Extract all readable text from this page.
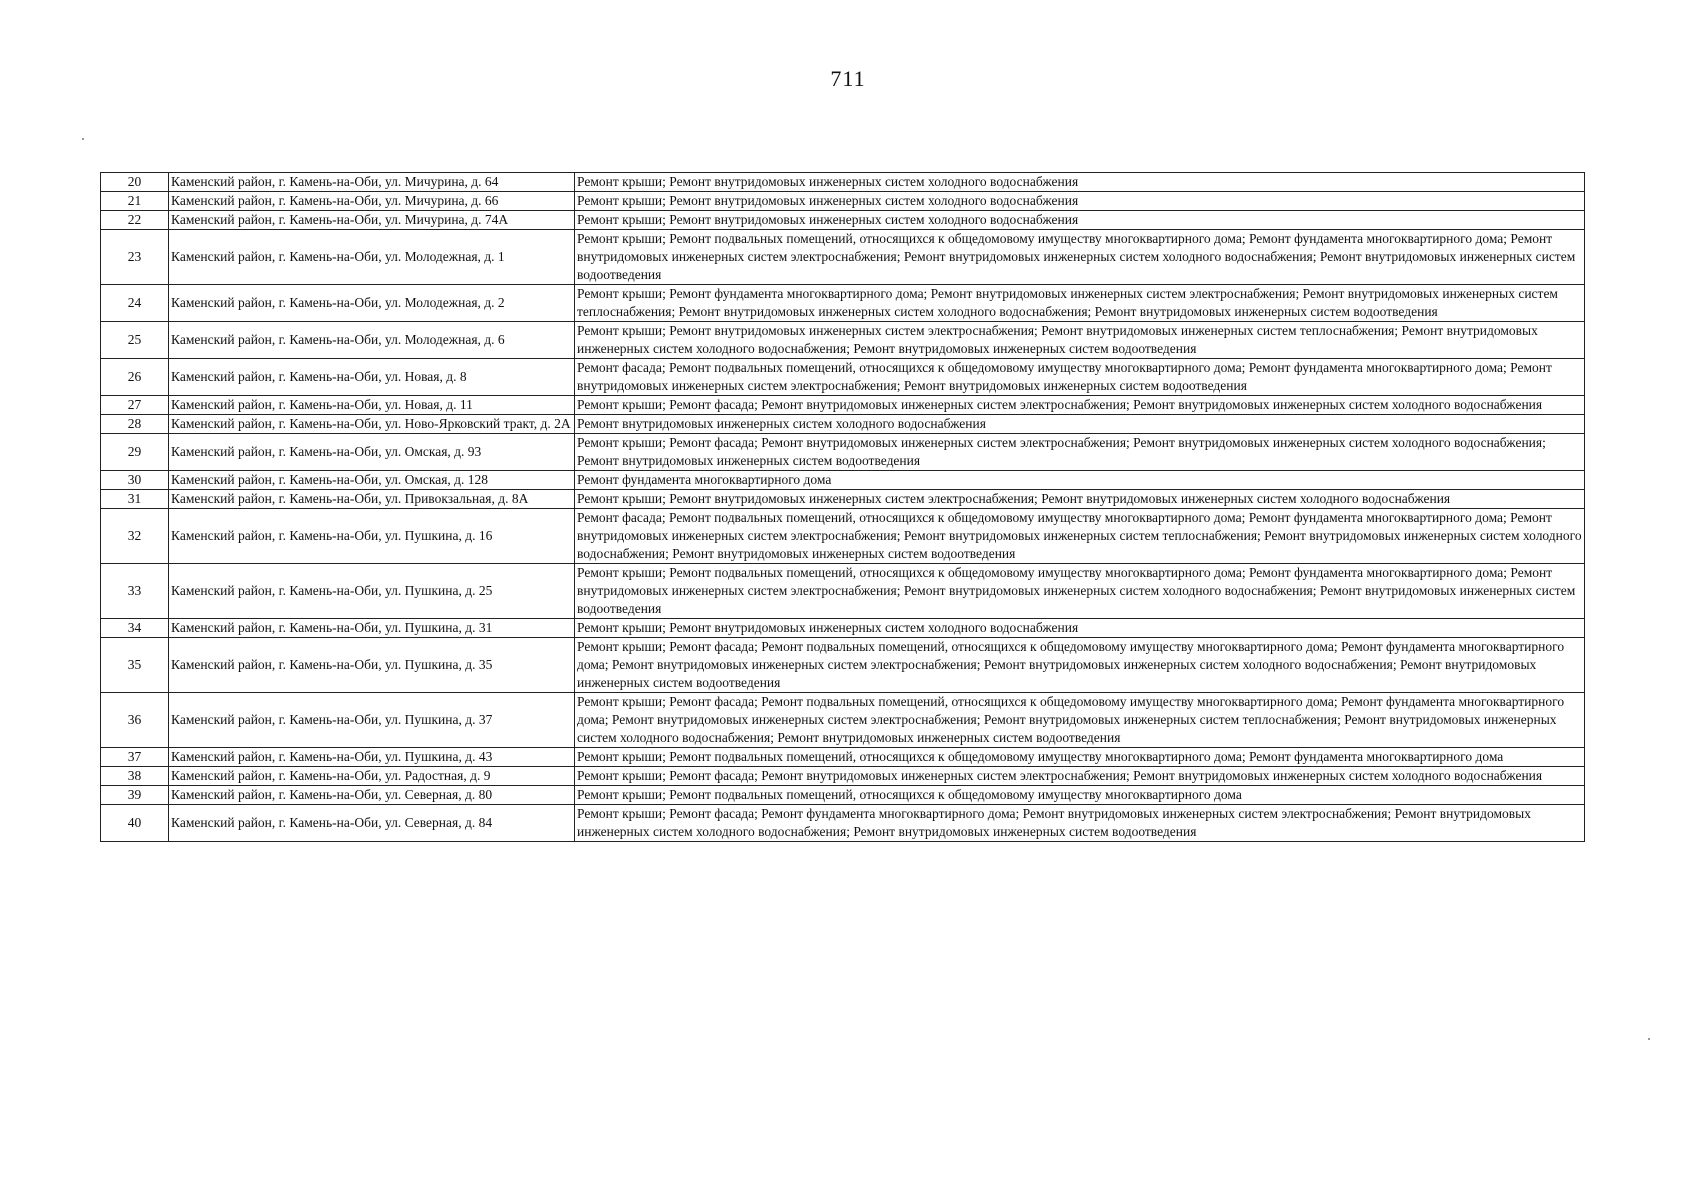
711
20	Каменский район, г. Камень-на-Оби, ул. Мичурина, д. 64	Ремонт крыши; Ремонт внутридомовых инженерных систем холодного водоснабжения
21	Каменский район, г. Камень-на-Оби, ул. Мичурина, д. 66	Ремонт крыши; Ремонт внутридомовых инженерных систем холодного водоснабжения
22	Каменский район, г. Камень-на-Оби, ул. Мичурина, д. 74А	Ремонт крыши; Ремонт внутридомовых инженерных систем холодного водоснабжения
23	Каменский район, г. Камень-на-Оби, ул. Молодежная, д. 1	Ремонт крыши; Ремонт подвальных помещений, относящихся к общедомовому имуществу многоквартирного дома; Ремонт фундамента многоквартирного дома; Ремонт внутридомовых инженерных систем электроснабжения; Ремонт внутридомовых инженерных систем холодного водоснабжения; Ремонт внутридомовых инженерных систем водоотведения
24	Каменский район, г. Камень-на-Оби, ул. Молодежная, д. 2	Ремонт крыши; Ремонт фундамента многоквартирного дома; Ремонт внутридомовых инженерных систем электроснабжения; Ремонт внутридомовых инженерных систем теплоснабжения; Ремонт внутридомовых инженерных систем холодного водоснабжения; Ремонт внутридомовых инженерных систем водоотведения
25	Каменский район, г. Камень-на-Оби, ул. Молодежная, д. 6	Ремонт крыши; Ремонт внутридомовых инженерных систем электроснабжения; Ремонт внутридомовых инженерных систем теплоснабжения; Ремонт внутридомовых инженерных систем холодного водоснабжения; Ремонт внутридомовых инженерных систем водоотведения
26	Каменский район, г. Камень-на-Оби, ул. Новая, д. 8	Ремонт фасада; Ремонт подвальных помещений, относящихся к общедомовому имуществу многоквартирного дома; Ремонт фундамента многоквартирного дома; Ремонт внутридомовых инженерных систем электроснабжения; Ремонт внутридомовых инженерных систем водоотведения
27	Каменский район, г. Камень-на-Оби, ул. Новая, д. 11	Ремонт крыши; Ремонт фасада; Ремонт внутридомовых инженерных систем электроснабжения; Ремонт внутридомовых инженерных систем холодного водоснабжения
28	Каменский район, г. Камень-на-Оби, ул. Ново-Ярковский тракт, д. 2А	Ремонт внутридомовых инженерных систем холодного водоснабжения
29	Каменский район, г. Камень-на-Оби, ул. Омская, д. 93	Ремонт крыши; Ремонт фасада; Ремонт внутридомовых инженерных систем электроснабжения; Ремонт внутридомовых инженерных систем холодного водоснабжения; Ремонт внутридомовых инженерных систем водоотведения
30	Каменский район, г. Камень-на-Оби, ул. Омская, д. 128	Ремонт фундамента многоквартирного дома
31	Каменский район, г. Камень-на-Оби, ул. Привокзальная, д. 8А	Ремонт крыши; Ремонт внутридомовых инженерных систем электроснабжения; Ремонт внутридомовых инженерных систем холодного водоснабжения
32	Каменский район, г. Камень-на-Оби, ул. Пушкина, д. 16	Ремонт фасада; Ремонт подвальных помещений, относящихся к общедомовому имуществу многоквартирного дома; Ремонт фундамента многоквартирного дома; Ремонт внутридомовых инженерных систем электроснабжения; Ремонт внутридомовых инженерных систем теплоснабжения; Ремонт внутридомовых инженерных систем холодного водоснабжения; Ремонт внутридомовых инженерных систем водоотведения
33	Каменский район, г. Камень-на-Оби, ул. Пушкина, д. 25	Ремонт крыши; Ремонт подвальных помещений, относящихся к общедомовому имуществу многоквартирного дома; Ремонт фундамента многоквартирного дома; Ремонт внутридомовых инженерных систем электроснабжения; Ремонт внутридомовых инженерных систем холодного водоснабжения; Ремонт внутридомовых инженерных систем водоотведения
34	Каменский район, г. Камень-на-Оби, ул. Пушкина, д. 31	Ремонт крыши; Ремонт внутридомовых инженерных систем холодного водоснабжения
35	Каменский район, г. Камень-на-Оби, ул. Пушкина, д. 35	Ремонт крыши; Ремонт фасада; Ремонт подвальных помещений, относящихся к общедомовому имуществу многоквартирного дома; Ремонт фундамента многоквартирного дома; Ремонт внутридомовых инженерных систем электроснабжения; Ремонт внутридомовых инженерных систем холодного водоснабжения; Ремонт внутридомовых инженерных систем водоотведения
36	Каменский район, г. Камень-на-Оби, ул. Пушкина, д. 37	Ремонт крыши; Ремонт фасада; Ремонт подвальных помещений, относящихся к общедомовому имуществу многоквартирного дома; Ремонт фундамента многоквартирного дома; Ремонт внутридомовых инженерных систем электроснабжения; Ремонт внутридомовых инженерных систем теплоснабжения; Ремонт внутридомовых инженерных систем холодного водоснабжения; Ремонт внутридомовых инженерных систем водоотведения
37	Каменский район, г. Камень-на-Оби, ул. Пушкина, д. 43	Ремонт крыши; Ремонт подвальных помещений, относящихся к общедомовому имуществу многоквартирного дома; Ремонт фундамента многоквартирного дома
38	Каменский район, г. Камень-на-Оби, ул. Радостная, д. 9	Ремонт крыши; Ремонт фасада; Ремонт внутридомовых инженерных систем электроснабжения; Ремонт внутридомовых инженерных систем холодного водоснабжения
39	Каменский район, г. Камень-на-Оби, ул. Северная, д. 80	Ремонт крыши; Ремонт подвальных помещений, относящихся к общедомовому имуществу многоквартирного дома
40	Каменский район, г. Камень-на-Оби, ул. Северная, д. 84	Ремонт крыши; Ремонт фасада; Ремонт фундамента многоквартирного дома; Ремонт внутридомовых инженерных систем электроснабжения; Ремонт внутридомовых инженерных систем холодного водоснабжения; Ремонт внутридомовых инженерных систем водоотведения
